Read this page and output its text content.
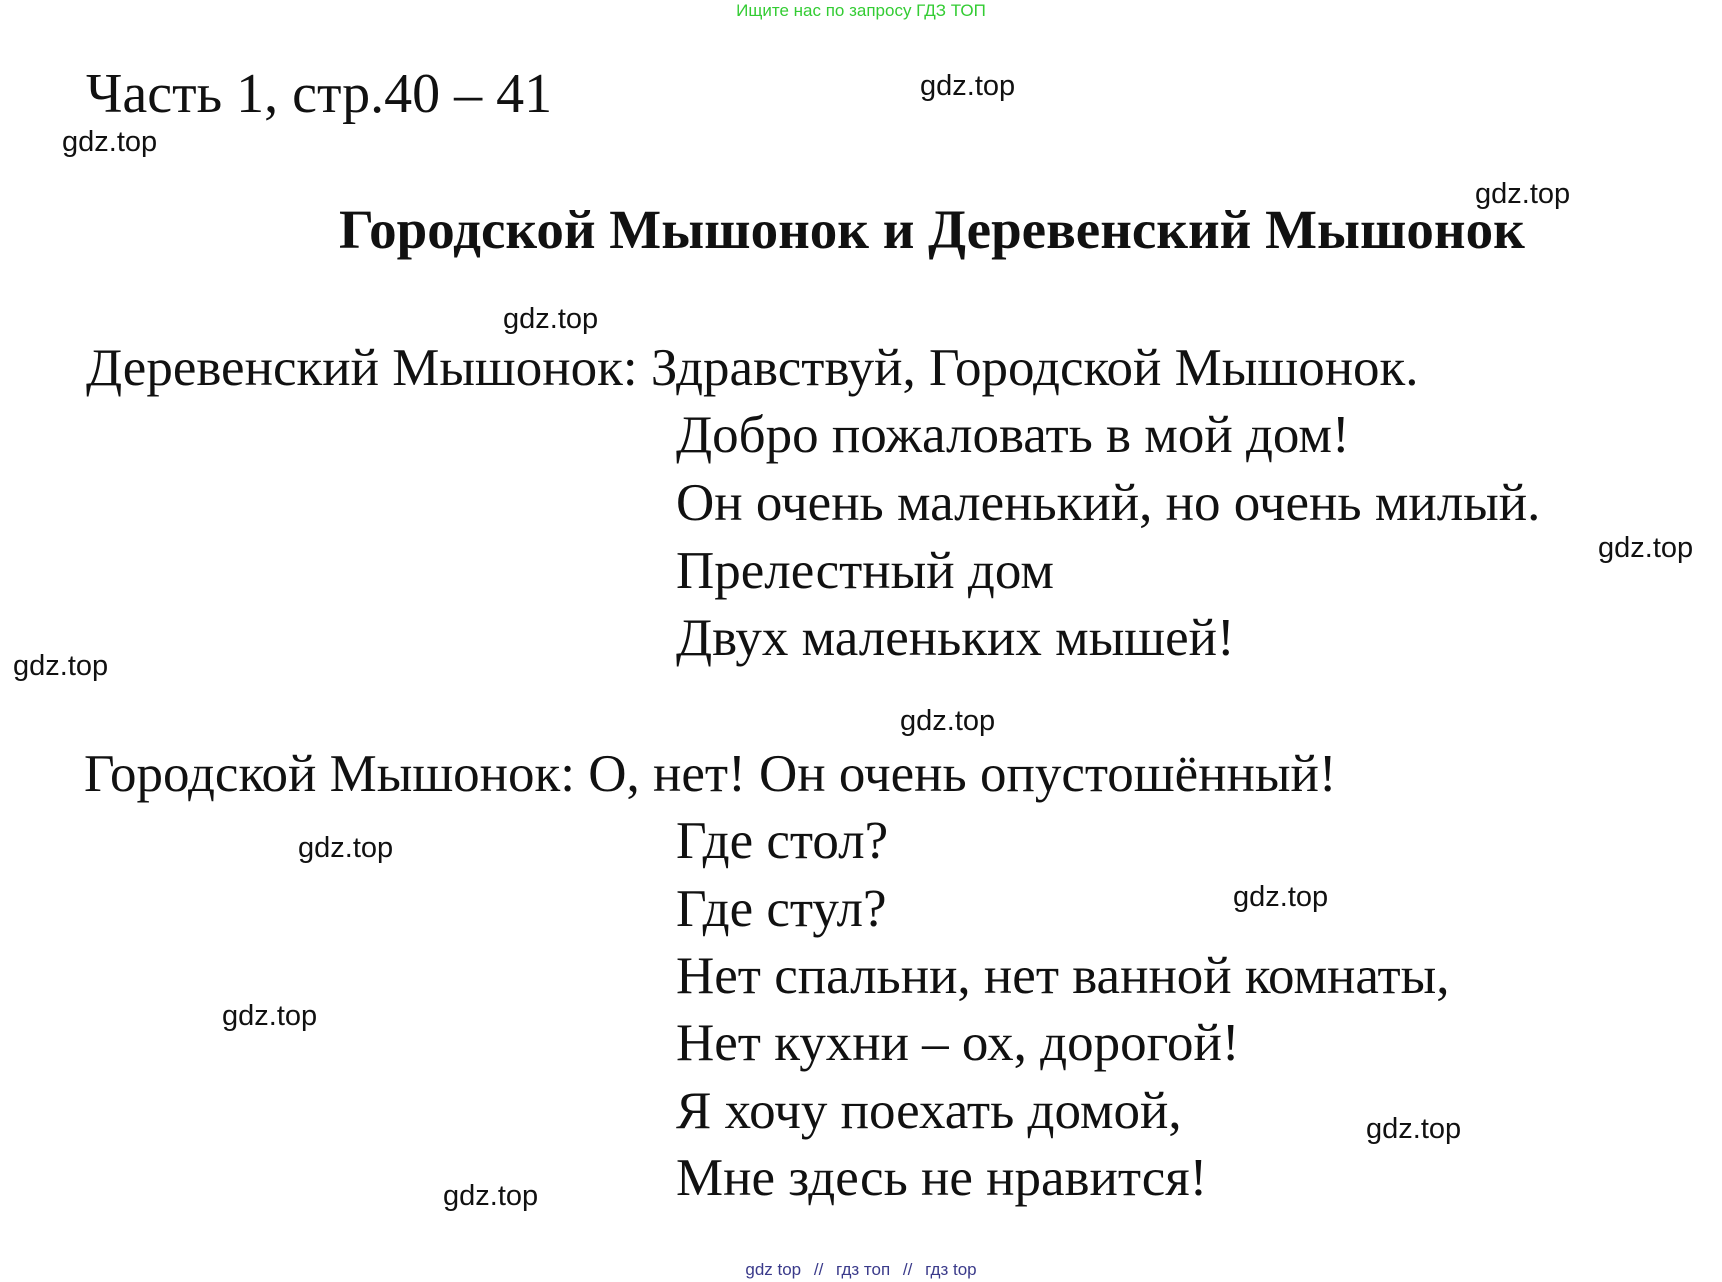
Ищите нас по запросу ГДЗ ТОП
Часть 1, стр.40 – 41
Городской Мышонок и Деревенский Мышонок
Деревенский Мышонок: Здравствуй, Городской Мышонок.
Добро пожаловать в мой дом!
Он очень маленький, но очень милый.
Прелестный дом
Двух маленьких мышей!
Городской Мышонок: О, нет! Он очень опустошённый!
Где стол?
Где стул?
Нет спальни, нет ванной комнаты,
Нет кухни – ох, дорогой!
Я хочу поехать домой,
Мне здесь не нравится!
gdz.top
gdz.top
gdz.top
gdz.top
gdz.top
gdz.top
gdz.top
gdz.top
gdz.top
gdz.top
gdz.top
gdz.top
gdz top // гдз топ // гдз top
